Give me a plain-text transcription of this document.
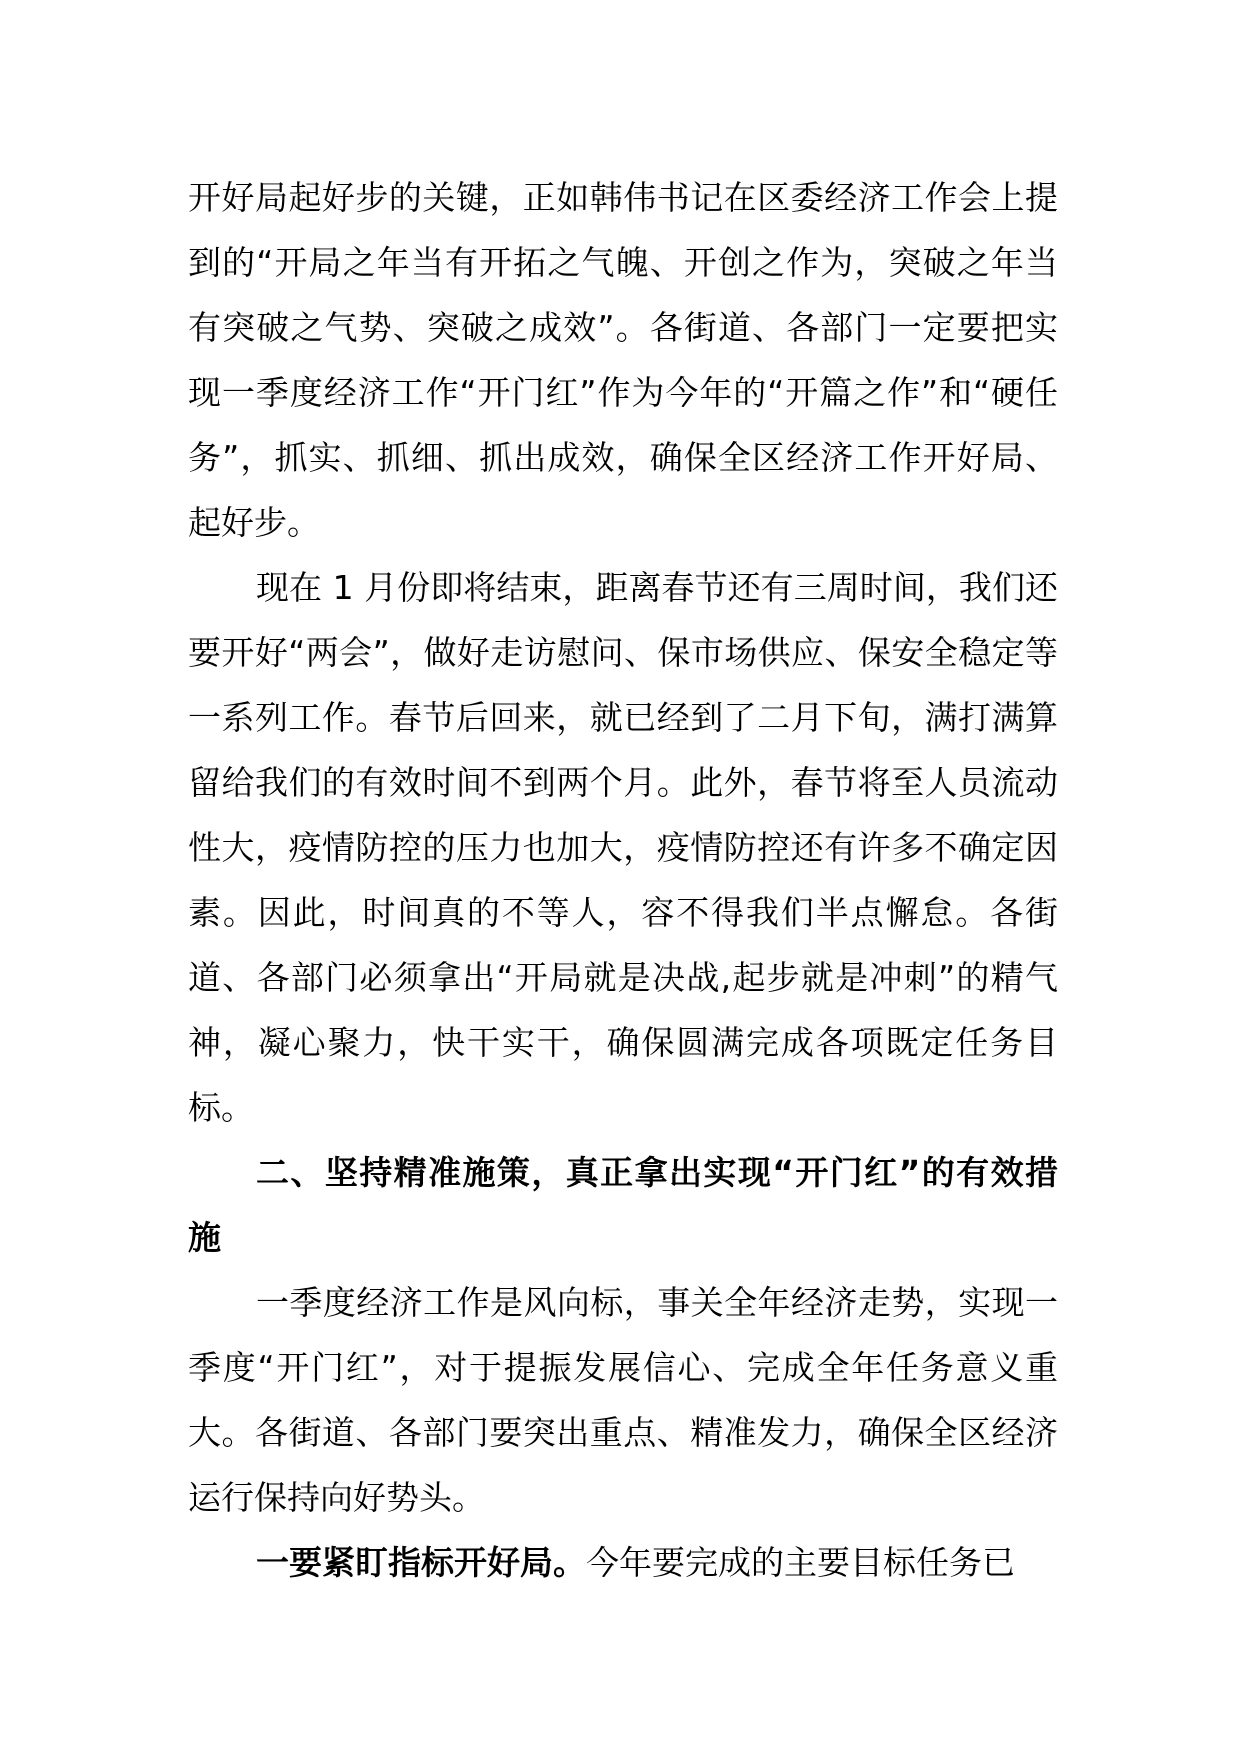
开好局起好步的关键，正如韩伟书记在区委经济工作会上提到的“开局之年当有开拓之气魄、开创之作为，突破之年当有突破之气势、突破之成效”。各街道、各部门一定要把实现一季度经济工作“开门红”作为今年的“开篇之作”和“硬任务”，抓实、抓细、抓出成效，确保全区经济工作开好局、起好步。

现在 1 月份即将结束，距离春节还有三周时间，我们还要开好“两会”，做好走访慰问、保市场供应、保安全稳定等一系列工作。春节后回来，就已经到了二月下旬，满打满算留给我们的有效时间不到两个月。此外，春节将至人员流动性大，疫情防控的压力也加大，疫情防控还有许多不确定因素。因此，时间真的不等人，容不得我们半点懈怠。各街道、各部门必须拿出“开局就是决战,起步就是冲刺”的精气神，凝心聚力，快干实干，确保圆满完成各项既定任务目标。

二、坚持精准施策，真正拿出实现“开门红”的有效措施

一季度经济工作是风向标，事关全年经济走势，实现一季度“开门红”，对于提振发展信心、完成全年任务意义重大。各街道、各部门要突出重点、精准发力，确保全区经济运行保持向好势头。

一要紧盯指标开好局。今年要完成的主要目标任务已
